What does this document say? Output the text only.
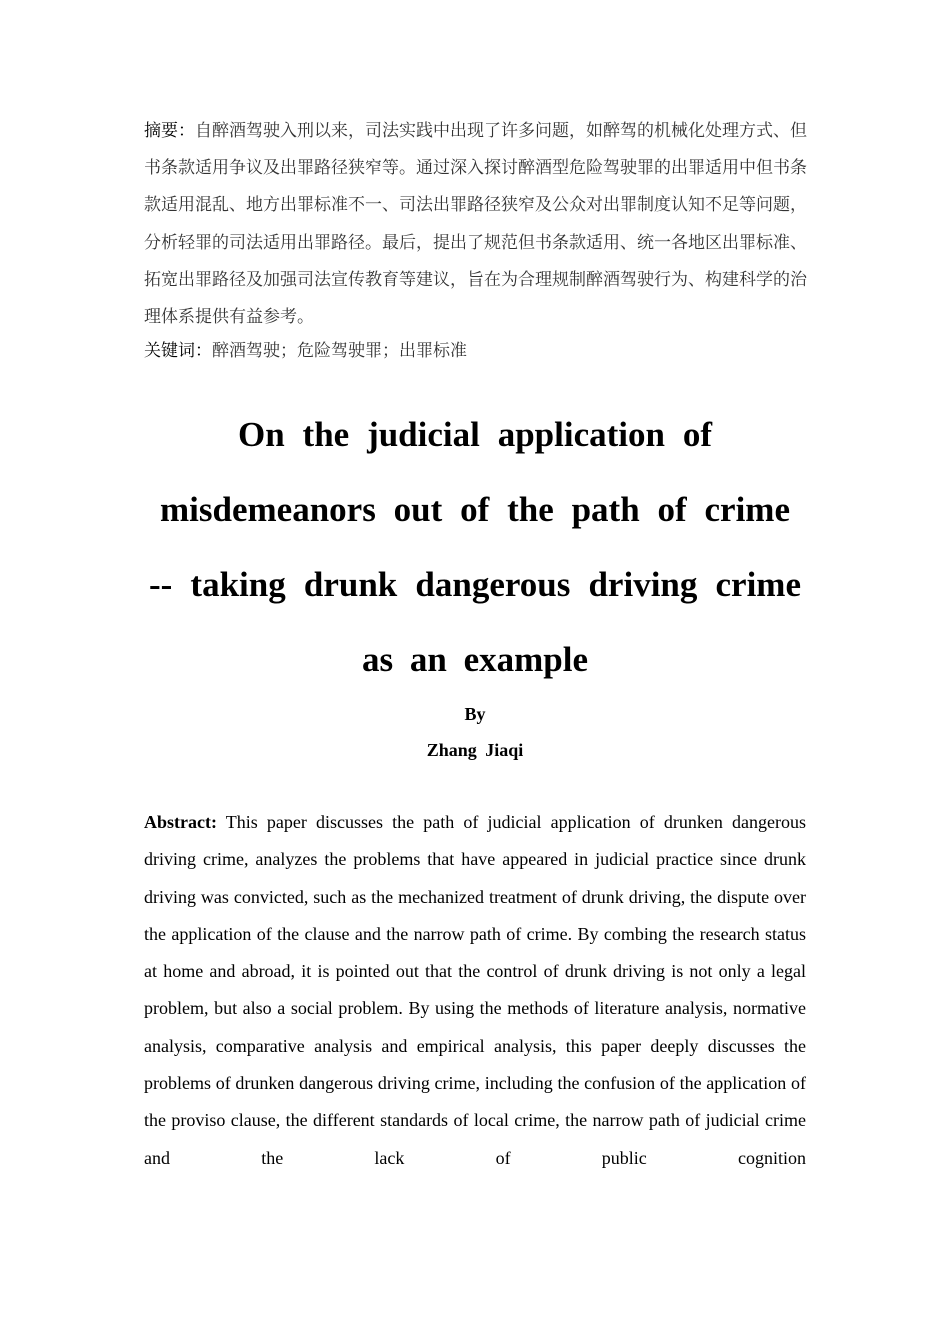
摘要：自醉酒驾驶入刑以来，司法实践中出现了许多问题，如醉驾的机械化处理方式、但书条款适用争议及出罪路径狭窄等。通过深入探讨醉酒型危险驾驶罪的出罪适用中但书条款适用混乱、地方出罪标准不一、司法出罪路径狭窄及公众对出罪制度认知不足等问题，分析轻罪的司法适用出罪路径。最后，提出了规范但书条款适用、统一各地区出罪标准、拓宽出罪路径及加强司法宣传教育等建议，旨在为合理规制醉酒驾驶行为、构建科学的治理体系提供有益参考。
关键词：醉酒驾驶；危险驾驶罪；出罪标准
On the judicial application of
misdemeanors out of the path of crime
-- taking drunk dangerous driving crime
as an example
By
Zhang Jiaqi
Abstract: This paper discusses the path of judicial application of drunken dangerous driving crime, analyzes the problems that have appeared in judicial practice since drunk driving was convicted, such as the mechanized treatment of drunk driving, the dispute over the application of the clause and the narrow path of crime. By combing the research status at home and abroad, it is pointed out that the control of drunk driving is not only a legal problem, but also a social problem. By using the methods of literature analysis, normative analysis, comparative analysis and empirical analysis, this paper deeply discusses the problems of drunken dangerous driving crime, including the confusion of the application of the proviso clause, the different standards of local crime, the narrow path of judicial crime and the lack of public cognition
